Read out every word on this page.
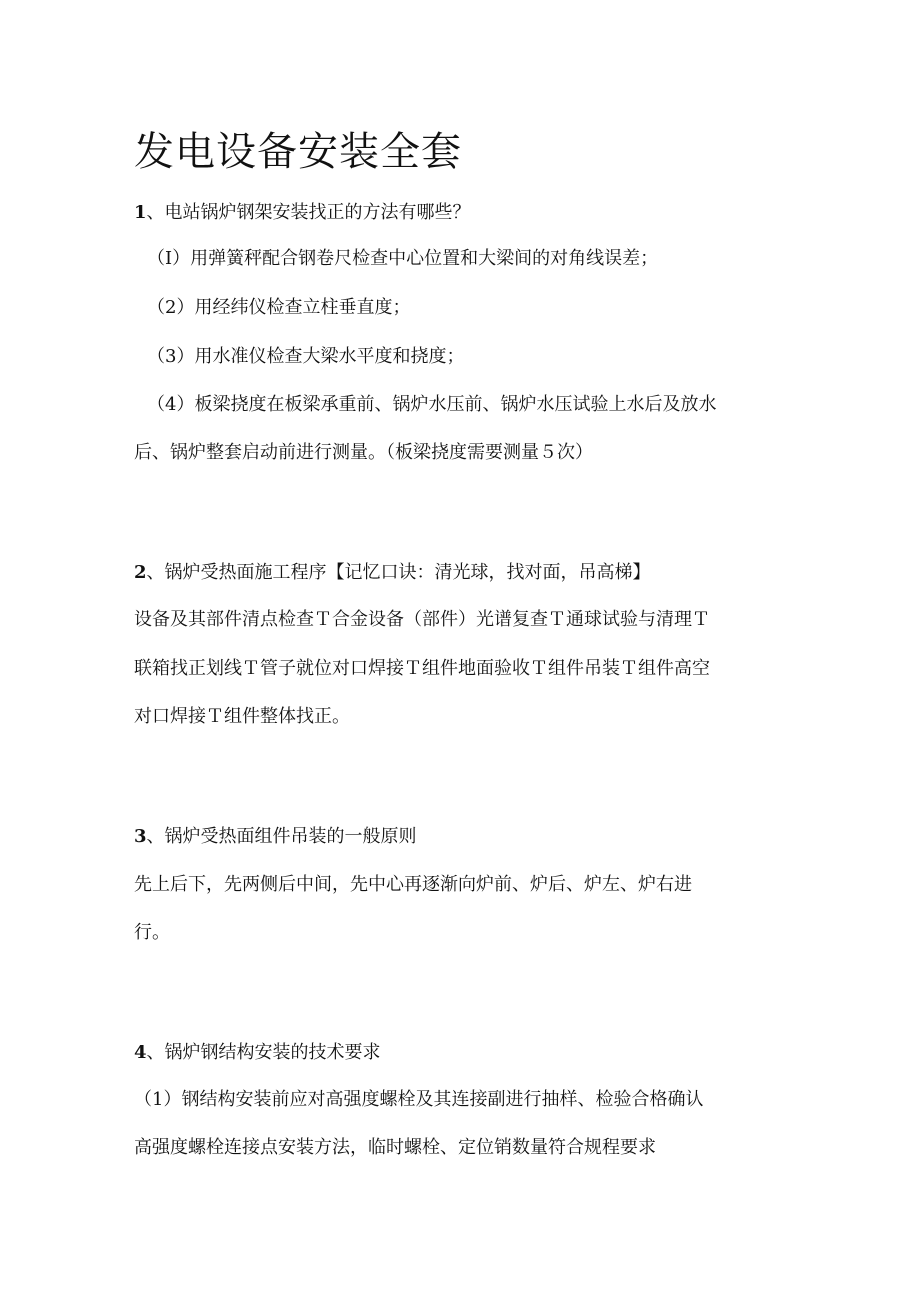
发电设备安装全套
1、电站锅炉钢架安装找正的方法有哪些？
（I）用弹簧秤配合钢卷尺检查中心位置和大梁间的对角线误差；
（2）用经纬仪检查立柱垂直度；
（3）用水准仪检查大梁水平度和挠度；
（4）板梁挠度在板梁承重前、锅炉水压前、锅炉水压试验上水后及放水
后、锅炉整套启动前进行测量。（板梁挠度需要测量５次）
2、锅炉受热面施工程序【记忆口诀：清光球，找对面，吊高梯】
设备及其部件清点检查Ｔ合金设备（部件）光谱复查Ｔ通球试验与清理Ｔ
联箱找正划线Ｔ管子就位对口焊接Ｔ组件地面验收Ｔ组件吊装Ｔ组件高空
对口焊接Ｔ组件整体找正。
3、锅炉受热面组件吊装的一般原则
先上后下，先两侧后中间，先中心再逐渐向炉前、炉后、炉左、炉右进
行。
4、锅炉钢结构安装的技术要求
（1）钢结构安装前应对高强度螺栓及其连接副进行抽样、检验合格确认
高强度螺栓连接点安装方法，临时螺栓、定位销数量符合规程要求
